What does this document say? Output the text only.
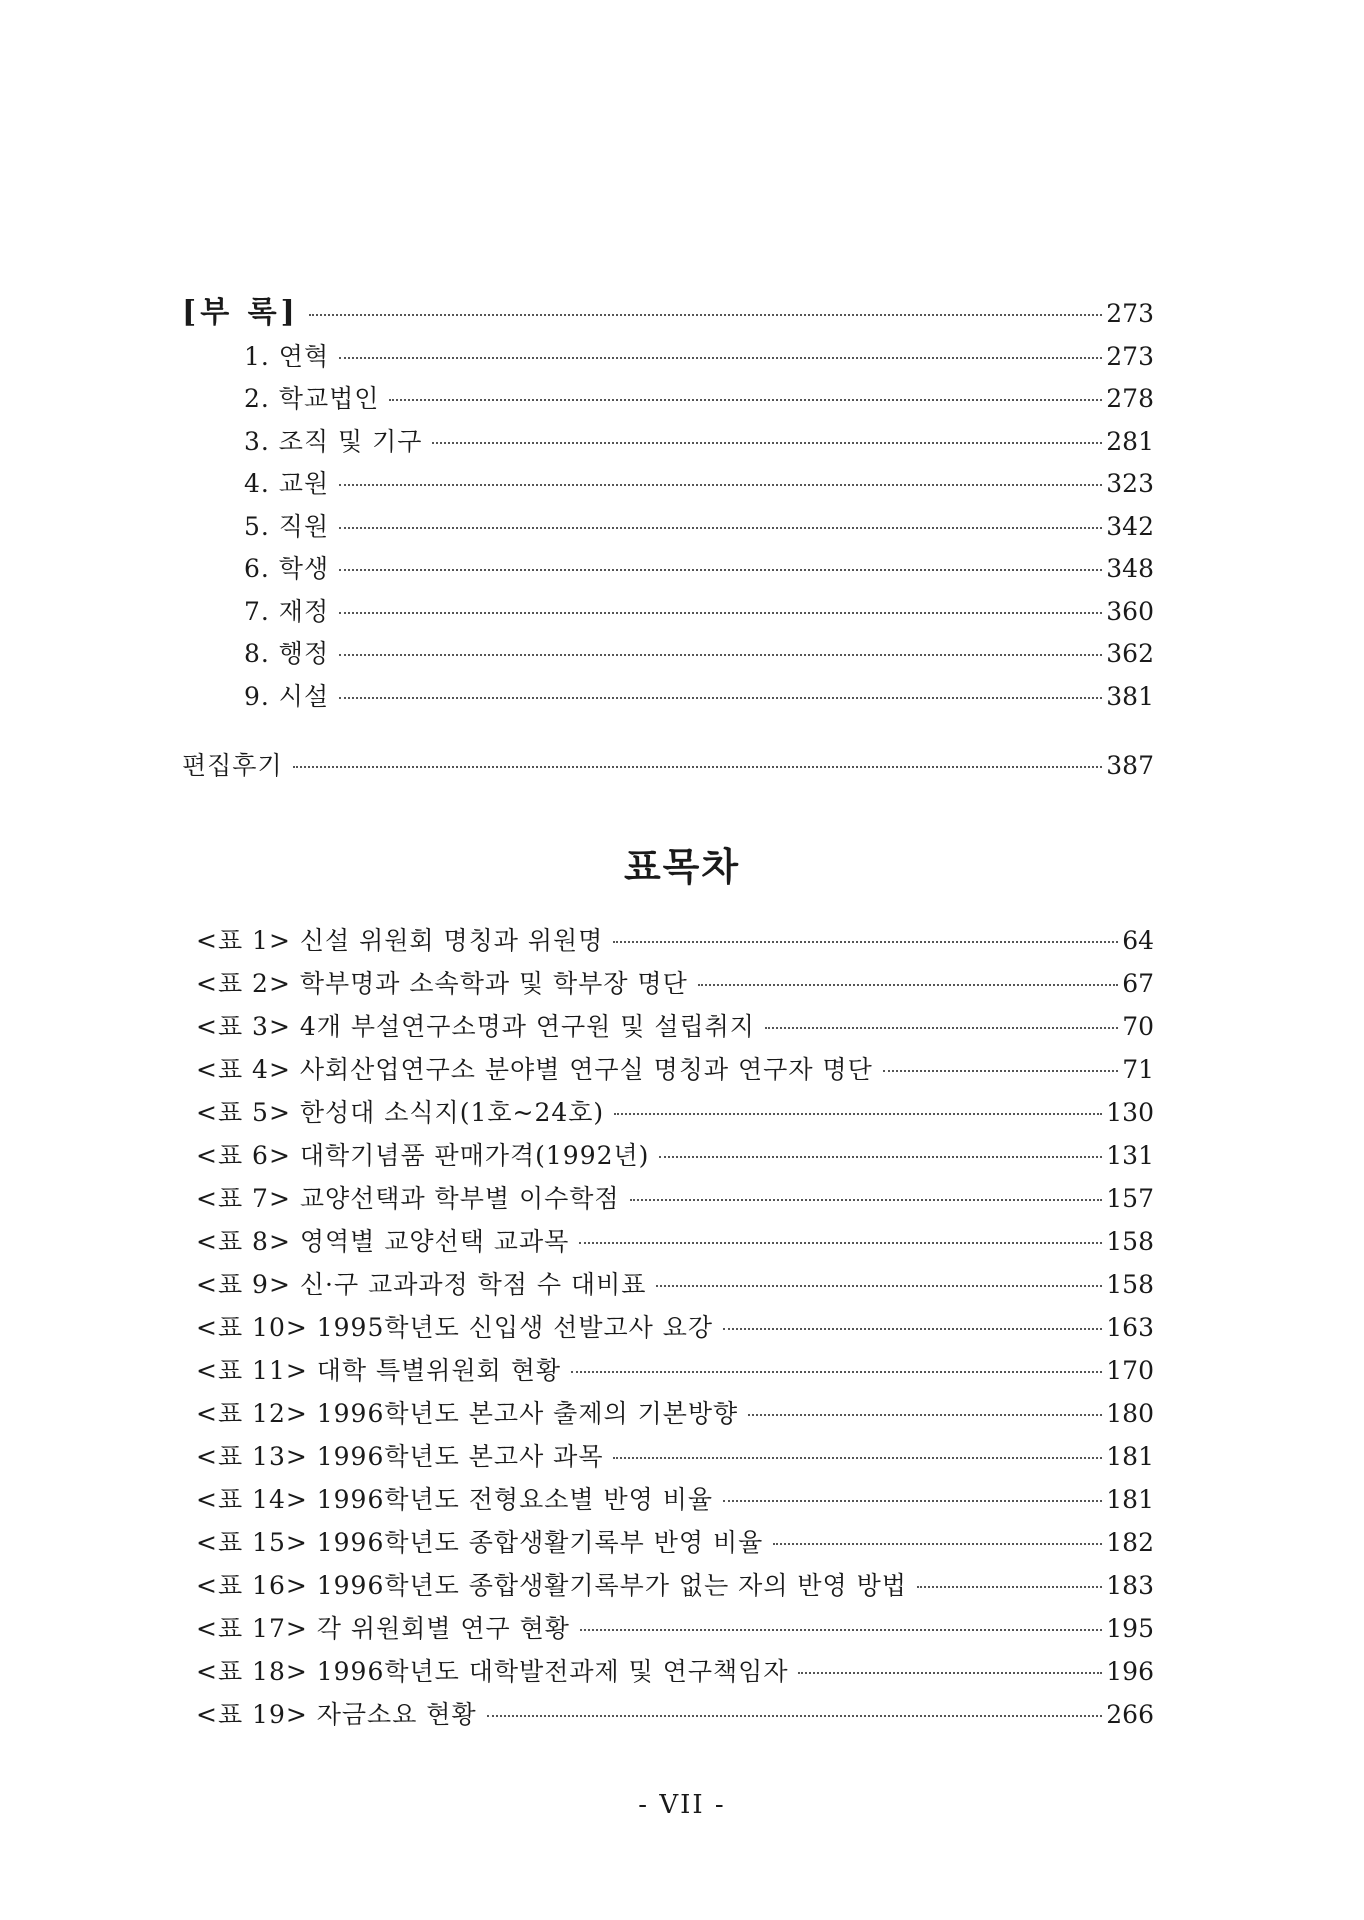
[부 록]	273
1. 연혁	273
2. 학교법인	278
3. 조직 및 기구	281
4. 교원	323
5. 직원	342
6. 학생	348
7. 재정	360
8. 행정	362
9. 시설	381
편집후기	387
표목차
<표 1> 신설 위원회 명칭과 위원명	64
<표 2> 학부명과 소속학과 및 학부장 명단	67
<표 3> 4개 부설연구소명과 연구원 및 설립취지	70
<표 4> 사회산업연구소 분야별 연구실 명칭과 연구자 명단	71
<표 5> 한성대 소식지(1호~24호)	130
<표 6> 대학기념품 판매가격(1992년)	131
<표 7> 교양선택과 학부별 이수학점	157
<표 8> 영역별 교양선택 교과목	158
<표 9> 신·구 교과과정 학점 수 대비표	158
<표 10> 1995학년도 신입생 선발고사 요강	163
<표 11> 대학 특별위원회 현황	170
<표 12> 1996학년도 본고사 출제의 기본방향	180
<표 13> 1996학년도 본고사 과목	181
<표 14> 1996학년도 전형요소별 반영 비율	181
<표 15> 1996학년도 종합생활기록부 반영 비율	182
<표 16> 1996학년도 종합생활기록부가 없는 자의 반영 방법	183
<표 17> 각 위원회별 연구 현황	195
<표 18> 1996학년도 대학발전과제 및 연구책임자	196
<표 19> 자금소요 현황	266
- VII -
